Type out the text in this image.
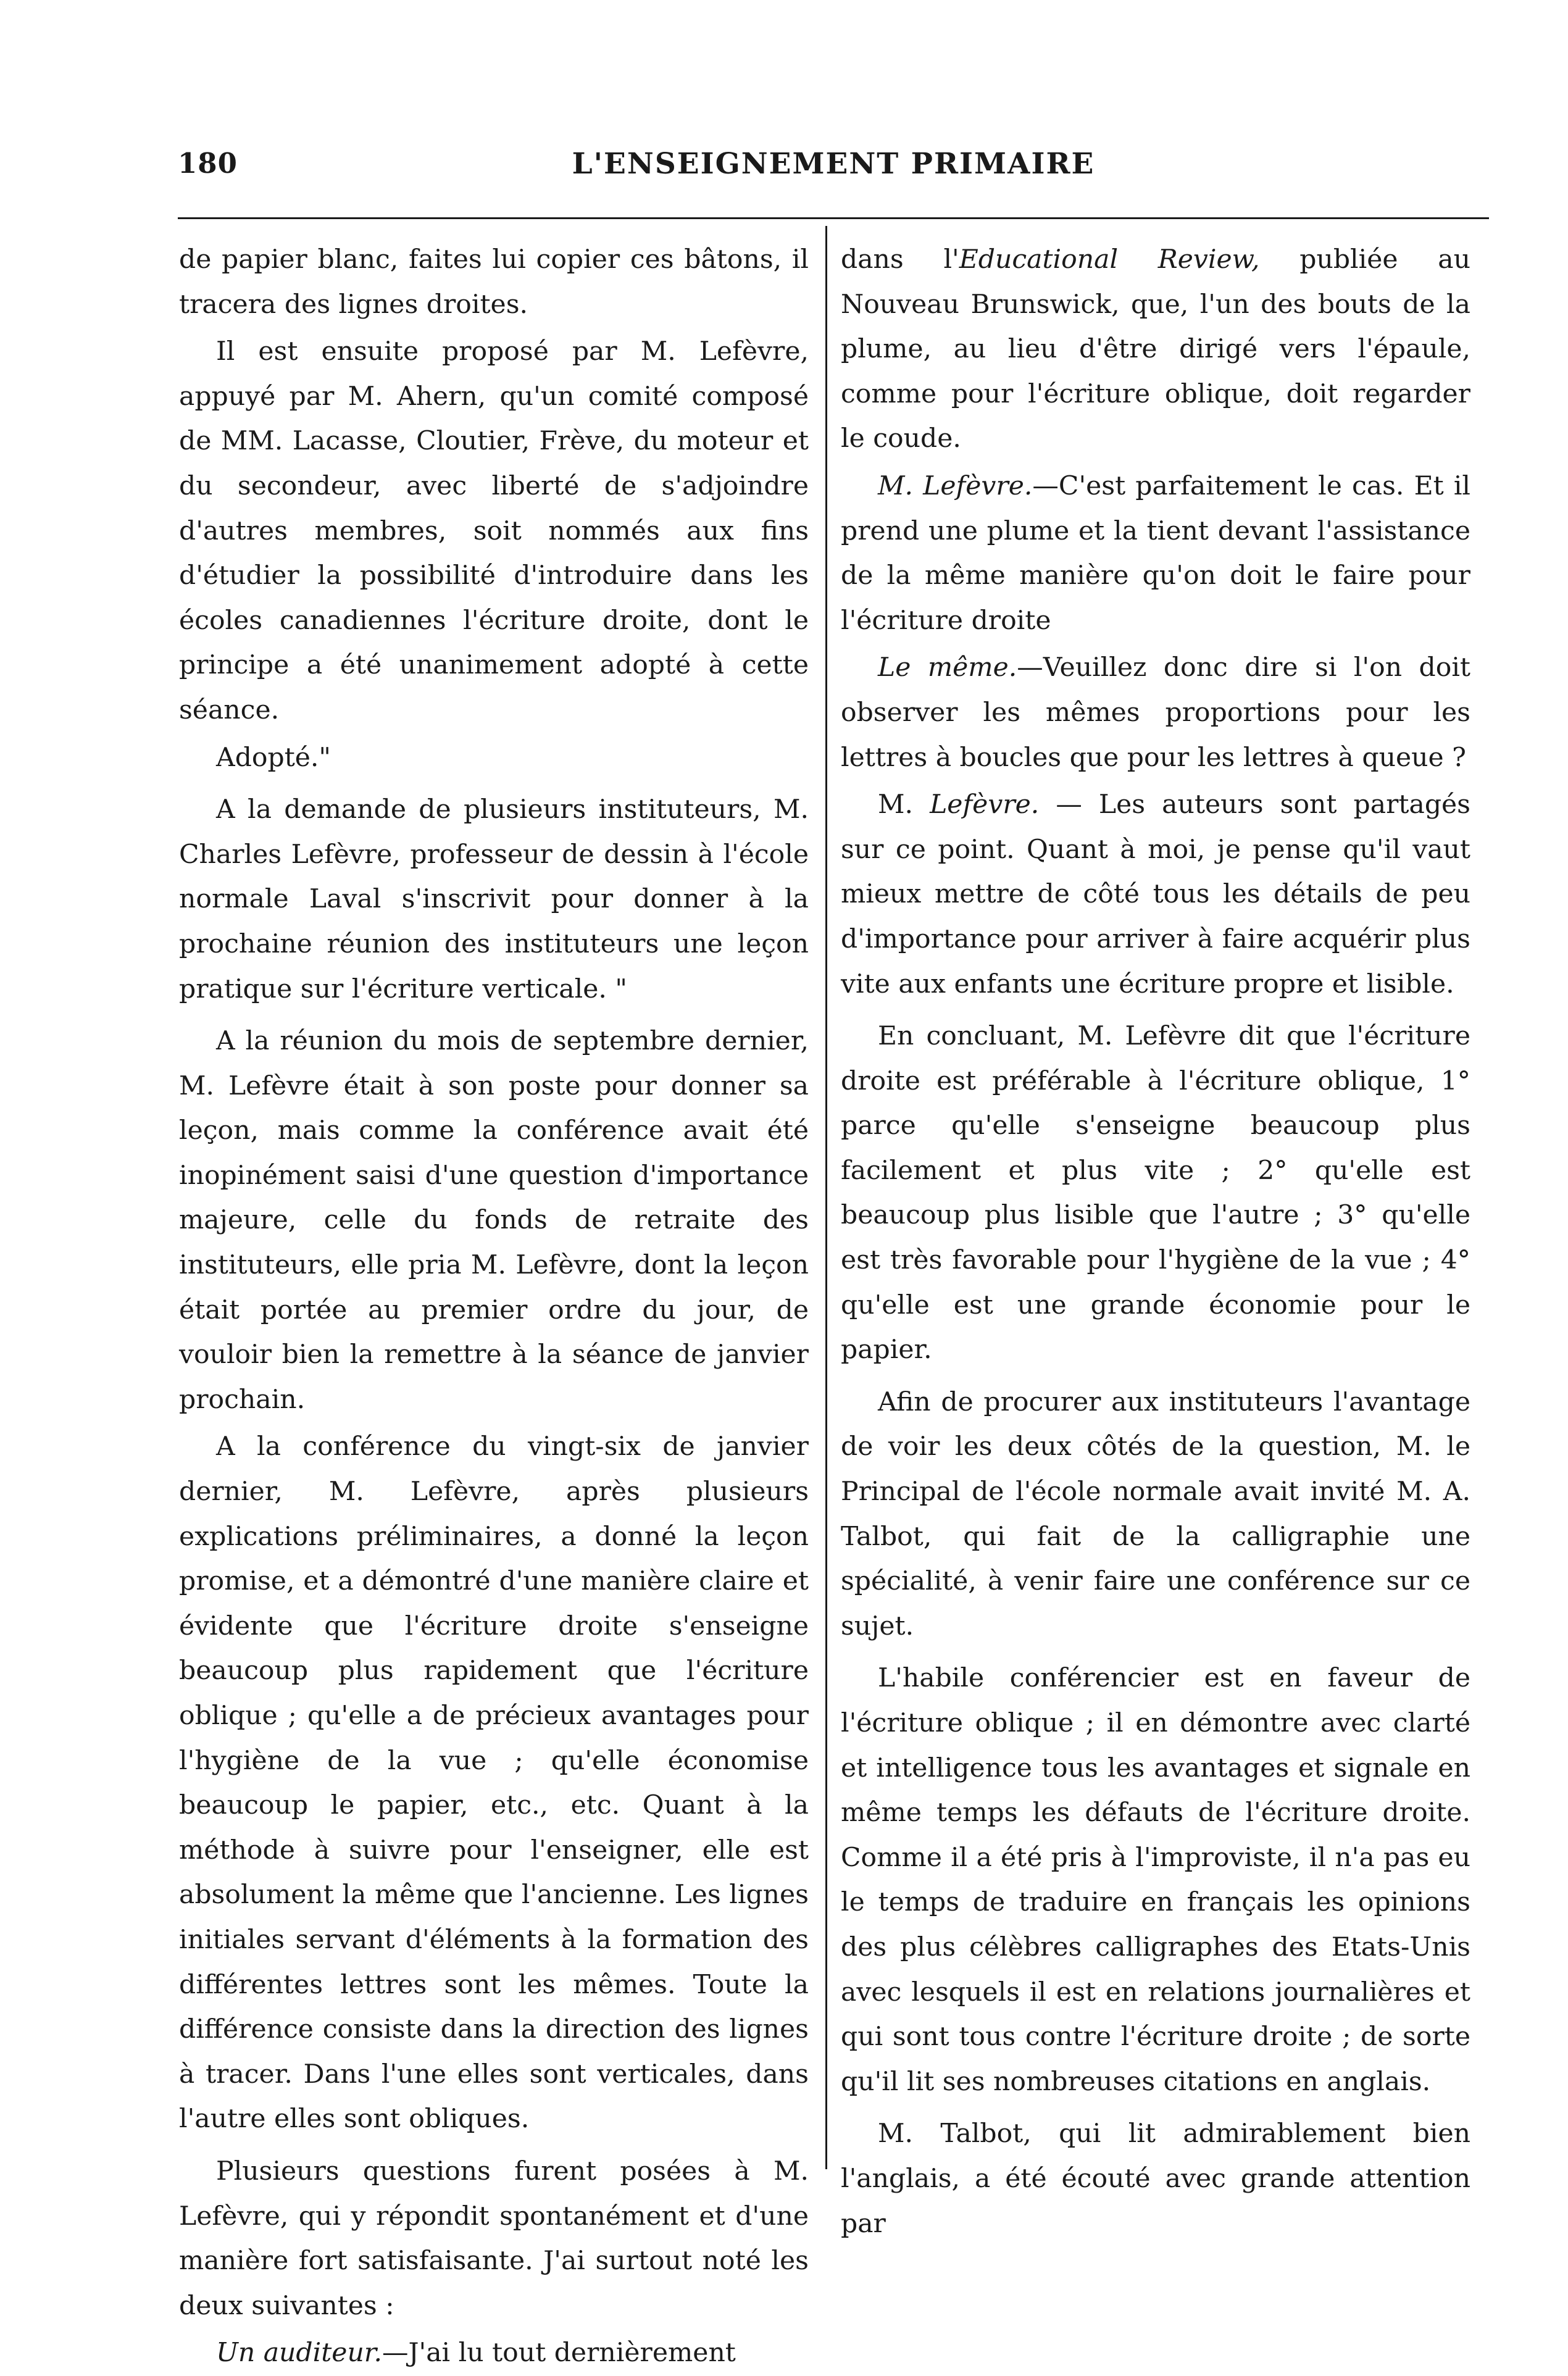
180	L'ENSEIGNEMENT PRIMAIRE

de papier blanc, faites lui copier ces bâtons, il tracera des lignes droites.

Il est ensuite proposé par M. Lefèvre, appuyé par M. Ahern, qu'un comité composé de MM. Lacasse, Cloutier, Frève, du moteur et du secondeur, avec liberté de s'adjoindre d'autres membres, soit nommés aux fins d'étudier la possibilité d'introduire dans les écoles canadiennes l'écriture droite, dont le principe a été unanimement adopté à cette séance.

Adopté."

A la demande de plusieurs instituteurs, M. Charles Lefèvre, professeur de dessin à l'école normale Laval s'inscrivit pour donner à la prochaine réunion des instituteurs une leçon pratique sur l'écriture verticale. "

A la réunion du mois de septembre dernier, M. Lefèvre était à son poste pour donner sa leçon, mais comme la conférence avait été inopinément saisi d'une question d'importance majeure, celle du fonds de retraite des instituteurs, elle pria M. Lefèvre, dont la leçon était portée au premier ordre du jour, de vouloir bien la remettre à la séance de janvier prochain.

A la conférence du vingt-six de janvier dernier, M. Lefèvre, après plusieurs explications préliminaires, a donné la leçon promise, et a démontré d'une manière claire et évidente que l'écriture droite s'enseigne beaucoup plus rapidement que l'écriture oblique ; qu'elle a de précieux avantages pour l'hygiène de la vue ; qu'elle économise beaucoup le papier, etc., etc. Quant à la méthode à suivre pour l'enseigner, elle est absolument la même que l'ancienne. Les lignes initiales servant d'éléments à la formation des différentes lettres sont les mêmes. Toute la différence consiste dans la direction des lignes à tracer. Dans l'une elles sont verticales, dans l'autre elles sont obliques.

Plusieurs questions furent posées à M. Lefèvre, qui y répondit spontanément et d'une manière fort satisfaisante. J'ai surtout noté les deux suivantes :

Un auditeur.—J'ai lu tout dernièrement

dans l'Educational Review, publiée au Nouveau Brunswick, que, l'un des bouts de la plume, au lieu d'être dirigé vers l'épaule, comme pour l'écriture oblique, doit regarder le coude.

M. Lefèvre.—C'est parfaitement le cas. Et il prend une plume et la tient devant l'assistance de la même manière qu'on doit le faire pour l'écriture droite

Le même.—Veuillez donc dire si l'on doit observer les mêmes proportions pour les lettres à boucles que pour les lettres à queue ?

M. Lefèvre. — Les auteurs sont partagés sur ce point. Quant à moi, je pense qu'il vaut mieux mettre de côté tous les détails de peu d'importance pour arriver à faire acquérir plus vite aux enfants une écriture propre et lisible.

En concluant, M. Lefèvre dit que l'écriture droite est préférable à l'écriture oblique, 1° parce qu'elle s'enseigne beaucoup plus facilement et plus vite ; 2° qu'elle est beaucoup plus lisible que l'autre ; 3° qu'elle est très favorable pour l'hygiène de la vue ; 4° qu'elle est une grande économie pour le papier.

Afin de procurer aux instituteurs l'avantage de voir les deux côtés de la question, M. le Principal de l'école normale avait invité M. A. Talbot, qui fait de la calligraphie une spécialité, à venir faire une conférence sur ce sujet.

L'habile conférencier est en faveur de l'écriture oblique ; il en démontre avec clarté et intelligence tous les avantages et signale en même temps les défauts de l'écriture droite. Comme il a été pris à l'improviste, il n'a pas eu le temps de traduire en français les opinions des plus célèbres calligraphes des Etats-Unis avec lesquels il est en relations journalières et qui sont tous contre l'écriture droite ; de sorte qu'il lit ses nombreuses citations en anglais.

M. Talbot, qui lit admirablement bien l'anglais, a été écouté avec grande attention par
